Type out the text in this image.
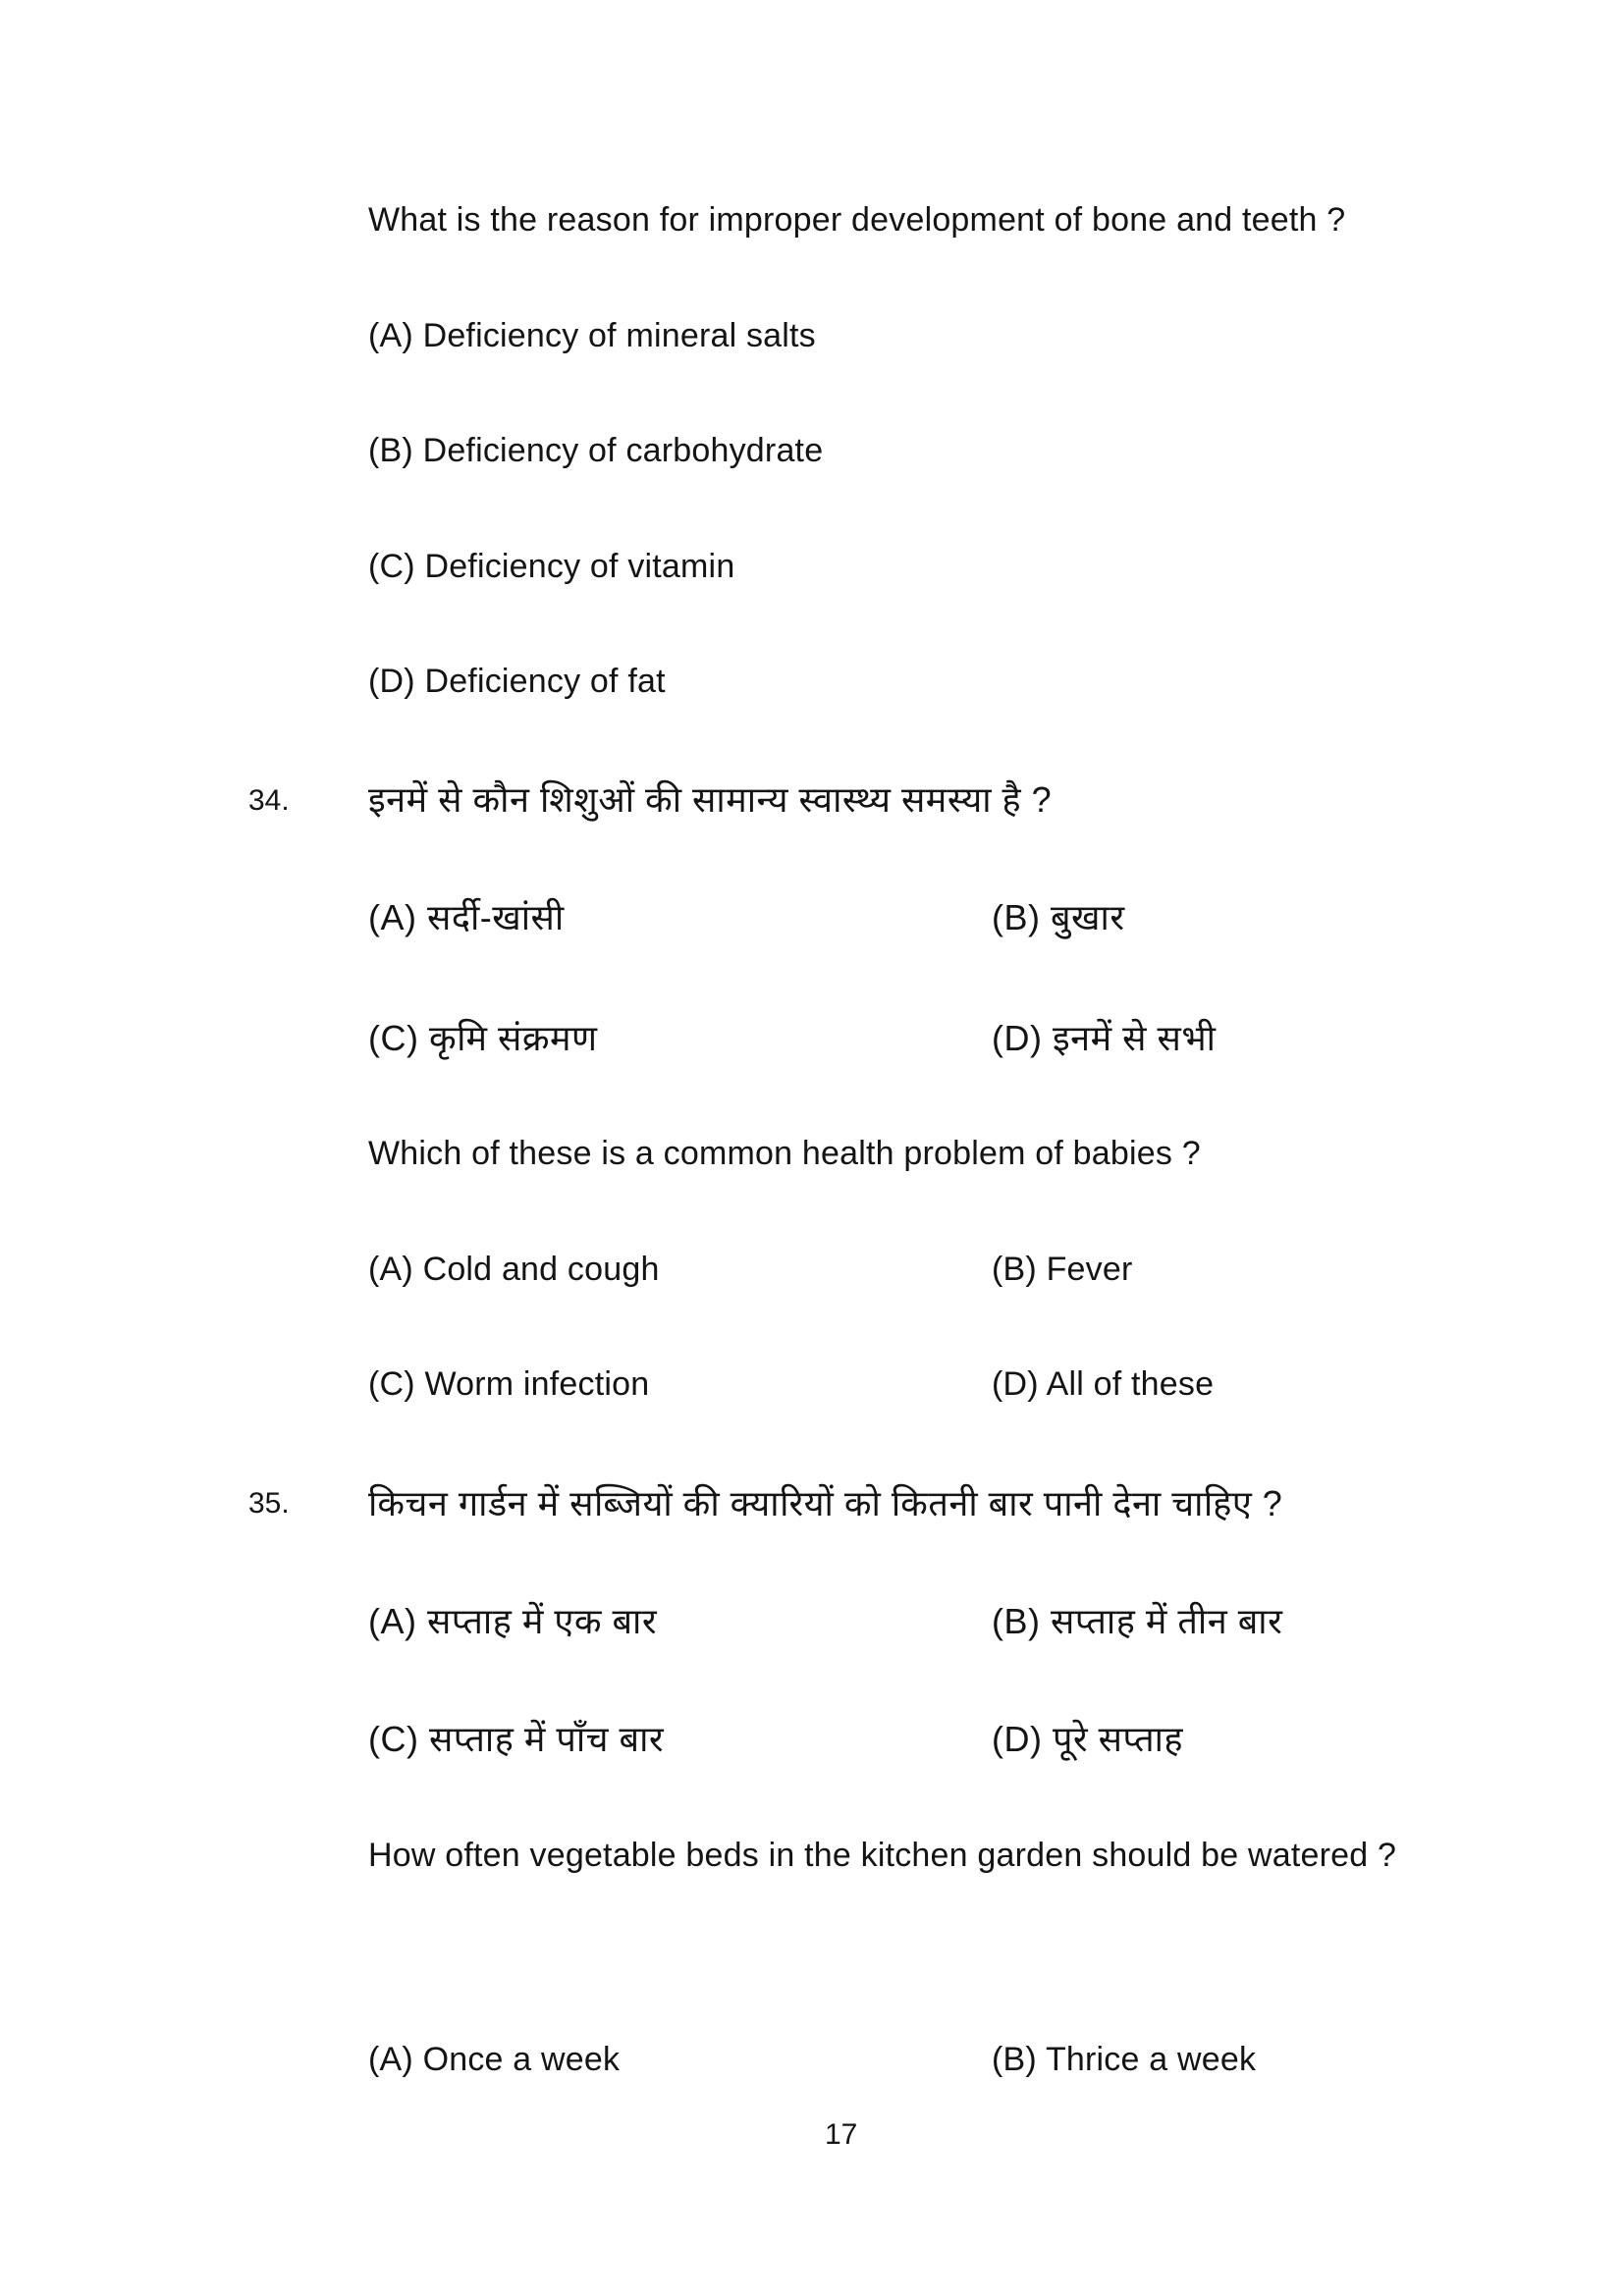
What is the reason for improper development of bone and teeth ?
(A) Deficiency of mineral salts
(B) Deficiency of carbohydrate
(C) Deficiency of vitamin
(D) Deficiency of fat
34. इनमें से कौन शिशुओं की सामान्य स्वास्थ्य समस्या है ?
(A) सर्दी-खांसी	(B) बुखार
(C) कृमि संक्रमण	(D) इनमें से सभी
Which of these is a common health problem of babies ?
(A) Cold and cough	(B) Fever
(C) Worm infection	(D) All of these
35. किचन गार्डन में सब्जियों की क्यारियों को कितनी बार पानी देना चाहिए ?
(A) सप्ताह में एक बार	(B) सप्ताह में तीन बार
(C) सप्ताह में पाँच बार	(D) पूरे सप्ताह
How often vegetable beds in the kitchen garden should be watered ?
(A) Once a week	(B) Thrice a week
17
